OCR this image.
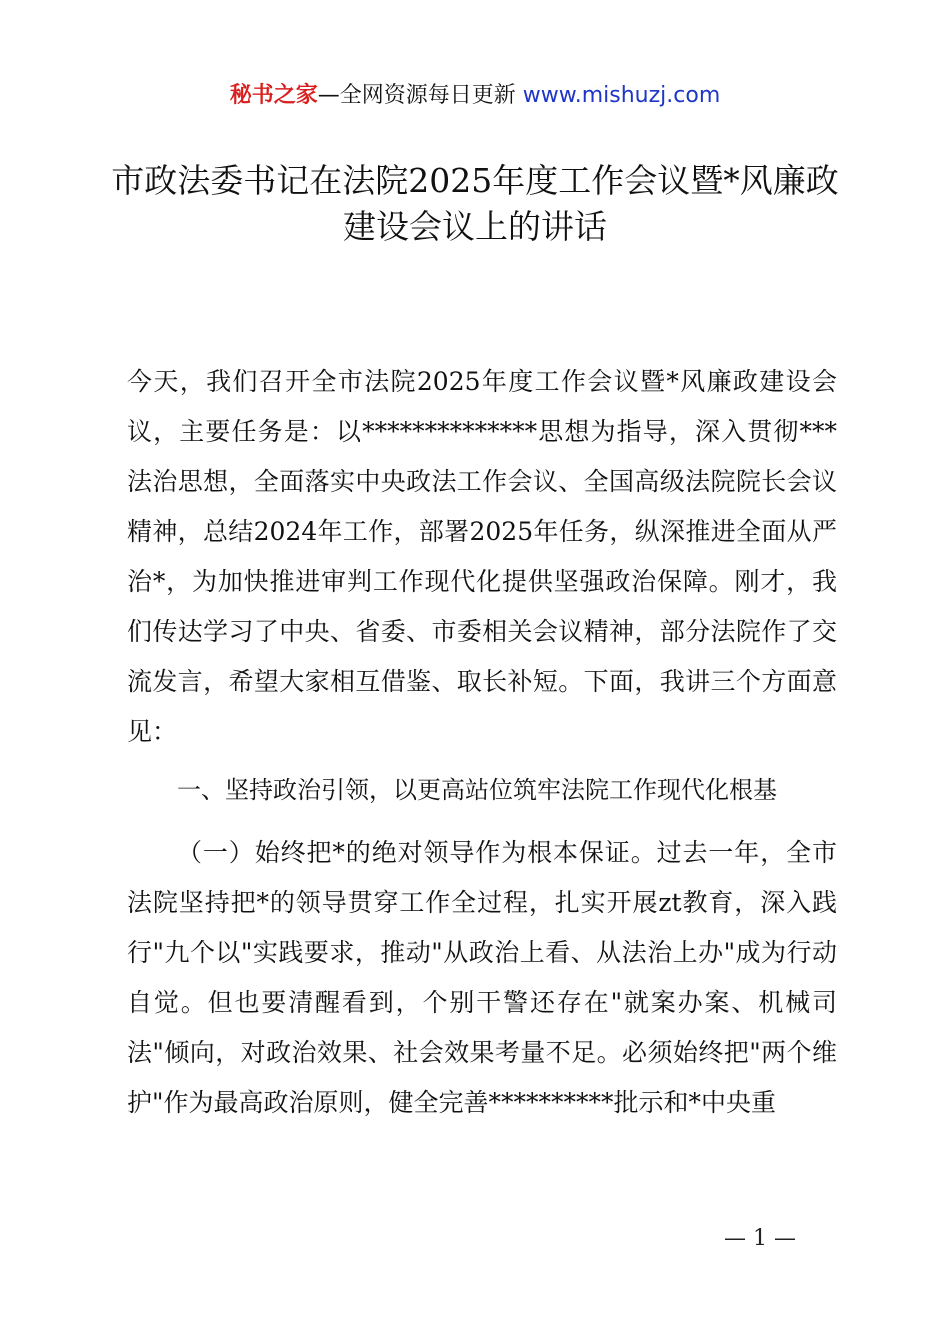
秘书之家—全网资源每日更新 www.mishuzj.com
市政法委书记在法院2025年度工作会议暨*风廉政建设会议上的讲话

今天，我们召开全市法院2025年度工作会议暨*风廉政建设会议，主要任务是：以**************思想为指导，深入贯彻***法治思想，全面落实中央政法工作会议、全国高级法院院长会议精神，总结2024年工作，部署2025年任务，纵深推进全面从严治*，为加快推进审判工作现代化提供坚强政治保障。刚才，我们传达学习了中央、省委、市委相关会议精神，部分法院作了交流发言，希望大家相互借鉴、取长补短。下面，我讲三个方面意见：

一、坚持政治引领，以更高站位筑牢法院工作现代化根基

（一）始终把*的绝对领导作为根本保证。过去一年，全市法院坚持把*的领导贯穿工作全过程，扎实开展zt教育，深入践行"九个以"实践要求，推动"从政治上看、从法治上办"成为行动自觉。但也要清醒看到，个别干警还存在"就案办案、机械司法"倾向，对政治效果、社会效果考量不足。必须始终把"两个维护"作为最高政治原则，健全完善**********批示和*中央重

— 1 —
